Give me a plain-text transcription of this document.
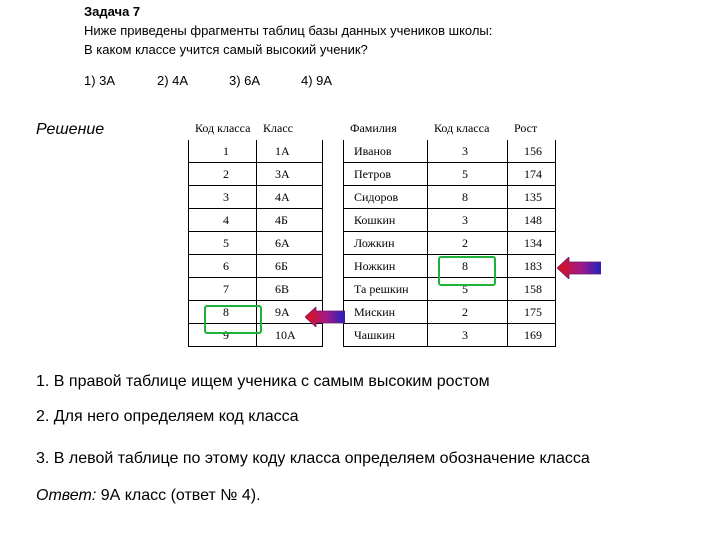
Задача 7
Ниже приведены фрагменты таблиц базы данных учеников школы:
В каком классе учится самый высокий ученик?
1) 3А	2) 4А	3) 6А	4) 9А
Решение	Код класса	Класс
1	1А
2	3А
3	4А
4	4Б
5	6А
6	6Б
7	6В
8	9А
9	10А
Фамилия	Код класса	Рост
Иванов	3	156
Петров	5	174
Сидоров	8	135
Кошкин	3	148
Ложкин	2	134
Ножкин	8	183
Та решкин	5	158
Мискин	2	175
Чашкин	3	169
1. В правой таблице ищем ученика с самым высоким ростом
2. Для него определяем код класса
3. В левой таблице по этому коду класса определяем обозначение класса
Ответ: 9А класс (ответ № 4).
